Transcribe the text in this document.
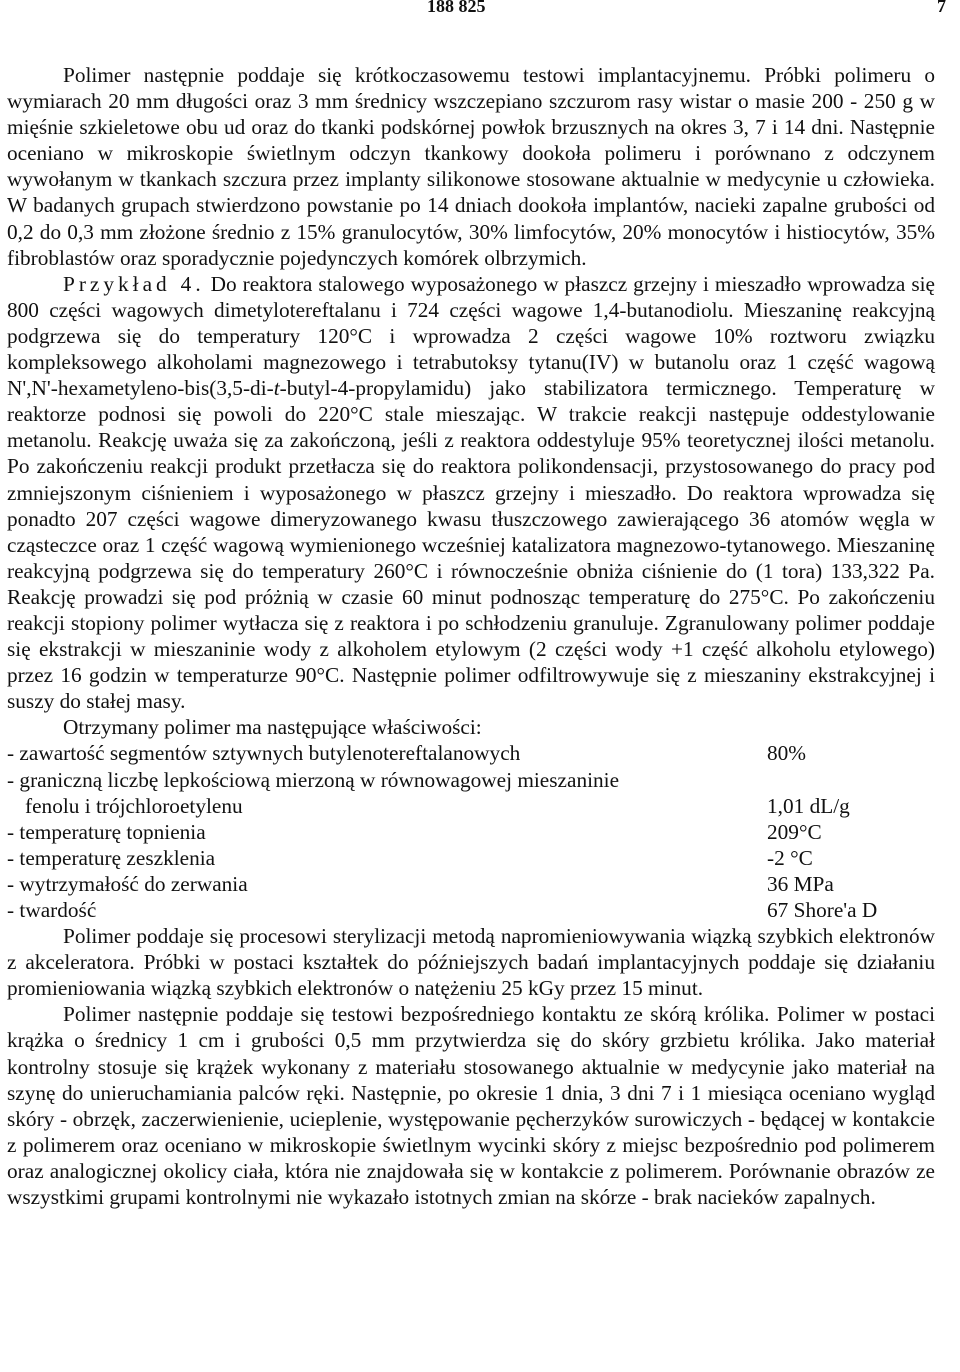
188 825	7

Polimer następnie poddaje się krótkoczasowemu testowi implantacyjnemu. Próbki polimeru o wymiarach 20 mm długości oraz 3 mm średnicy wszczepiano szczurom rasy wistar o masie 200 - 250 g w mięśnie szkieletowe obu ud oraz do tkanki podskórnej powłok brzusznych na okres 3, 7 i 14 dni. Następnie oceniano w mikroskopie świetlnym odczyn tkankowy dookoła polimeru i porównano z odczynem wywołanym w tkankach szczura przez implanty silikonowe stosowane aktualnie w medycynie u człowieka. W badanych grupach stwierdzono powstanie po 14 dniach dookoła implantów, nacieki zapalne grubości od 0,2 do 0,3 mm złożone średnio z 15% granulocytów, 30% limfocytów, 20% monocytów i histiocytów, 35% fibroblastów oraz sporadycznie pojedynczych komórek olbrzymich.

Przykład 4. Do reaktora stalowego wyposażonego w płaszcz grzejny i mieszadło wprowadza się 800 części wagowych dimetylotereftalanu i 724 części wagowe 1,4-butanodiolu. Mieszaninę reakcyjną podgrzewa się do temperatury 120°C i wprowadza 2 części wagowe 10% roztworu związku kompleksowego alkoholami magnezowego i tetrabutoksy tytanu(IV) w butanolu oraz 1 część wagową N',N'-hexametyleno-bis(3,5-di-t-butyl-4-propylamidu) jako stabilizatora termicznego. Temperaturę w reaktorze podnosi się powoli do 220°C stale mieszając. W trakcie reakcji następuje oddestylowanie metanolu. Reakcję uważa się za zakończoną, jeśli z reaktora oddestyluje 95% teoretycznej ilości metanolu. Po zakończeniu reakcji produkt przetłacza się do reaktora polikondensacji, przystosowanego do pracy pod zmniejszonym ciśnieniem i wyposażonego w płaszcz grzejny i mieszadło. Do reaktora wprowadza się ponadto 207 części wagowe dimeryzowanego kwasu tłuszczowego zawierającego 36 atomów węgla w cząsteczce oraz 1 część wagową wymienionego wcześniej katalizatora magnezowo-tytanowego. Mieszaninę reakcyjną podgrzewa się do temperatury 260°C i równocześnie obniża ciśnienie do (1 tora) 133,322 Pa. Reakcję prowadzi się pod próżnią w czasie 60 minut podnosząc temperaturę do 275°C. Po zakończeniu reakcji stopiony polimer wytłacza się z reaktora i po schłodzeniu granuluje. Zgranulowany polimer poddaje się ekstrakcji w mieszaninie wody z alkoholem etylowym (2 części wody +1 część alkoholu etylowego) przez 16 godzin w temperaturze 90°C. Następnie polimer odfiltrowywuje się z mieszaniny ekstrakcyjnej i suszy do stałej masy.

Otrzymany polimer ma następujące właściwości:

- zawartość segmentów sztywnych butylenotereftalanowych	80%
- graniczną liczbę lepkościową mierzoną w równowagowej mieszaninie
fenolu i trójchloroetylenu	1,01 dL/g
- temperaturę topnienia	209°C
- temperaturę zeszklenia	-2 °C
- wytrzymałość do zerwania	36 MPa
- twardość	67 Shore'a D

Polimer poddaje się procesowi sterylizacji metodą napromieniowywania wiązką szybkich elektronów z akceleratora. Próbki w postaci kształtek do późniejszych badań implantacyjnych poddaje się działaniu promieniowania wiązką szybkich elektronów o natężeniu 25 kGy przez 15 minut.

Polimer następnie poddaje się testowi bezpośredniego kontaktu ze skórą królika. Polimer w postaci krążka o średnicy 1 cm i grubości 0,5 mm przytwierdza się do skóry grzbietu królika. Jako materiał kontrolny stosuje się krążek wykonany z materiału stosowanego aktualnie w medycynie jako materiał na szynę do unieruchamiania palców ręki. Następnie, po okresie 1 dnia, 3 dni 7 i 1 miesiąca oceniano wygląd skóry - obrzęk, zaczerwienienie, ucieplenie, występowanie pęcherzyków surowiczych - będącej w kontakcie z polimerem oraz oceniano w mikroskopie świetlnym wycinki skóry z miejsc bezpośrednio pod polimerem oraz analogicznej okolicy ciała, która nie znajdowała się w kontakcie z polimerem. Porównanie obrazów ze wszystkimi grupami kontrolnymi nie wykazało istotnych zmian na skórze - brak nacieków zapalnych.
